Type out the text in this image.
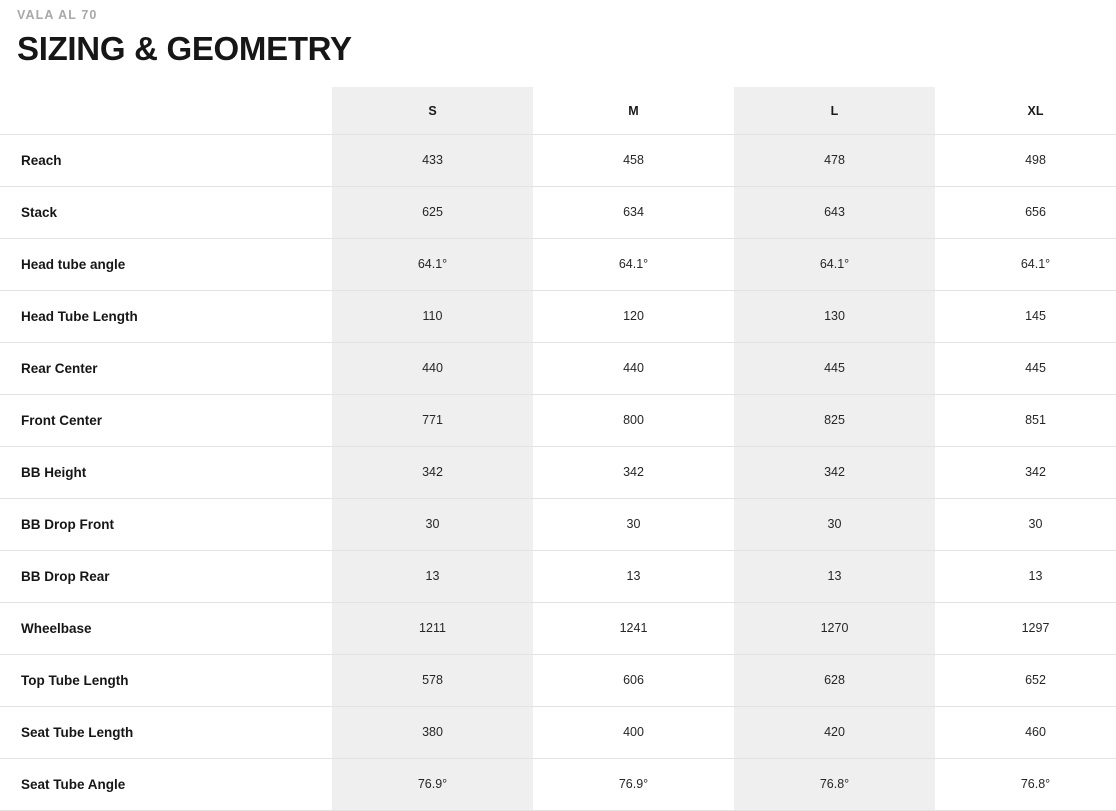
VALA AL 70
SIZING & GEOMETRY
	S	M	L	XL
Reach	433	458	478	498
Stack	625	634	643	656
Head tube angle	64.1°	64.1°	64.1°	64.1°
Head Tube Length	110	120	130	145
Rear Center	440	440	445	445
Front Center	771	800	825	851
BB Height	342	342	342	342
BB Drop Front	30	30	30	30
BB Drop Rear	13	13	13	13
Wheelbase	1211	1241	1270	1297
Top Tube Length	578	606	628	652
Seat Tube Length	380	400	420	460
Seat Tube Angle	76.9°	76.9°	76.8°	76.8°
